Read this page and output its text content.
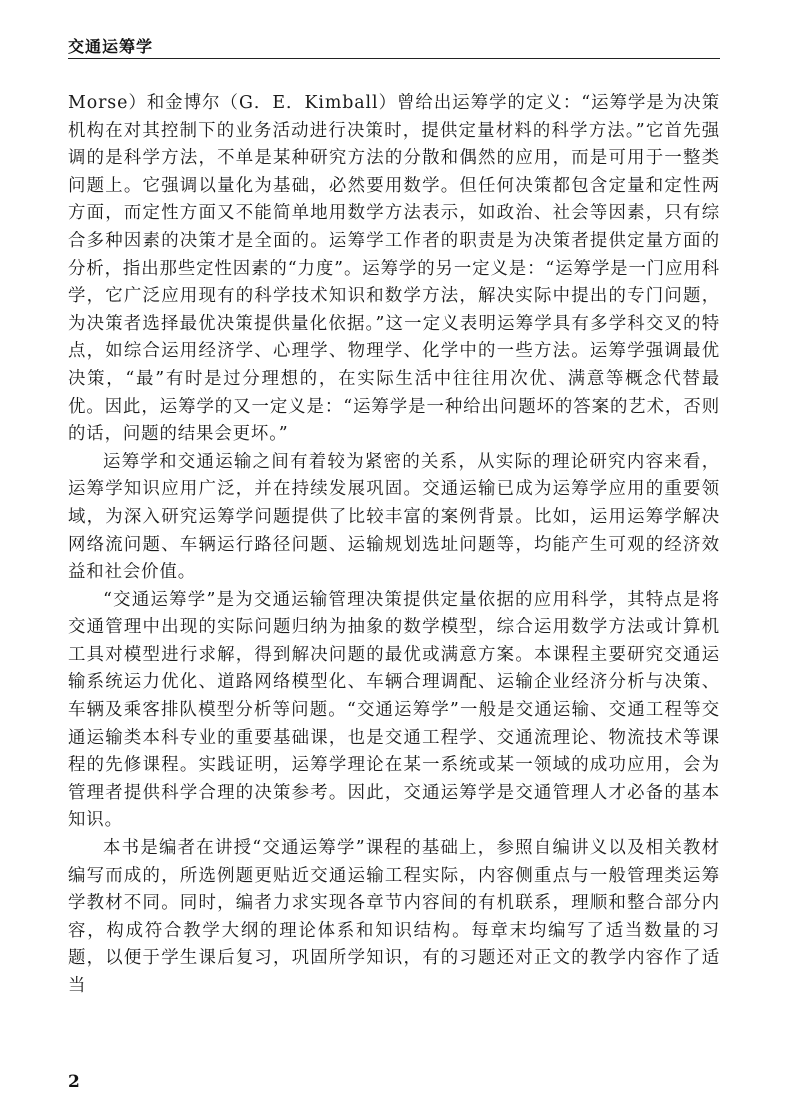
交通运筹学

Morse）和金博尔（G．E．Kimball）曾给出运筹学的定义：“运筹学是为决策机构在对其控制下的业务活动进行决策时，提供定量材料的科学方法。”它首先强调的是科学方法，不单是某种研究方法的分散和偶然的应用，而是可用于一整类问题上。它强调以量化为基础，必然要用数学。但任何决策都包含定量和定性两方面，而定性方面又不能简单地用数学方法表示，如政治、社会等因素，只有综合多种因素的决策才是全面的。运筹学工作者的职责是为决策者提供定量方面的分析，指出那些定性因素的“力度”。运筹学的另一定义是：“运筹学是一门应用科学，它广泛应用现有的科学技术知识和数学方法，解决实际中提出的专门问题，为决策者选择最优决策提供量化依据。”这一定义表明运筹学具有多学科交叉的特点，如综合运用经济学、心理学、物理学、化学中的一些方法。运筹学强调最优决策，“最”有时是过分理想的，在实际生活中往往用次优、满意等概念代替最优。因此，运筹学的又一定义是：“运筹学是一种给出问题坏的答案的艺术，否则的话，问题的结果会更坏。”

运筹学和交通运输之间有着较为紧密的关系，从实际的理论研究内容来看，运筹学知识应用广泛，并在持续发展巩固。交通运输已成为运筹学应用的重要领域，为深入研究运筹学问题提供了比较丰富的案例背景。比如，运用运筹学解决网络流问题、车辆运行路径问题、运输规划选址问题等，均能产生可观的经济效益和社会价值。

“交通运筹学”是为交通运输管理决策提供定量依据的应用科学，其特点是将交通管理中出现的实际问题归纳为抽象的数学模型，综合运用数学方法或计算机工具对模型进行求解，得到解决问题的最优或满意方案。本课程主要研究交通运输系统运力优化、道路网络模型化、车辆合理调配、运输企业经济分析与决策、车辆及乘客排队模型分析等问题。“交通运筹学”一般是交通运输、交通工程等交通运输类本科专业的重要基础课，也是交通工程学、交通流理论、物流技术等课程的先修课程。实践证明，运筹学理论在某一系统或某一领域的成功应用，会为管理者提供科学合理的决策参考。因此，交通运筹学是交通管理人才必备的基本知识。

本书是编者在讲授“交通运筹学”课程的基础上，参照自编讲义以及相关教材编写而成的，所选例题更贴近交通运输工程实际，内容侧重点与一般管理类运筹学教材不同。同时，编者力求实现各章节内容间的有机联系，理顺和整合部分内容，构成符合教学大纲的理论体系和知识结构。每章末均编写了适当数量的习题，以便于学生课后复习，巩固所学知识，有的习题还对正文的教学内容作了适当

2
